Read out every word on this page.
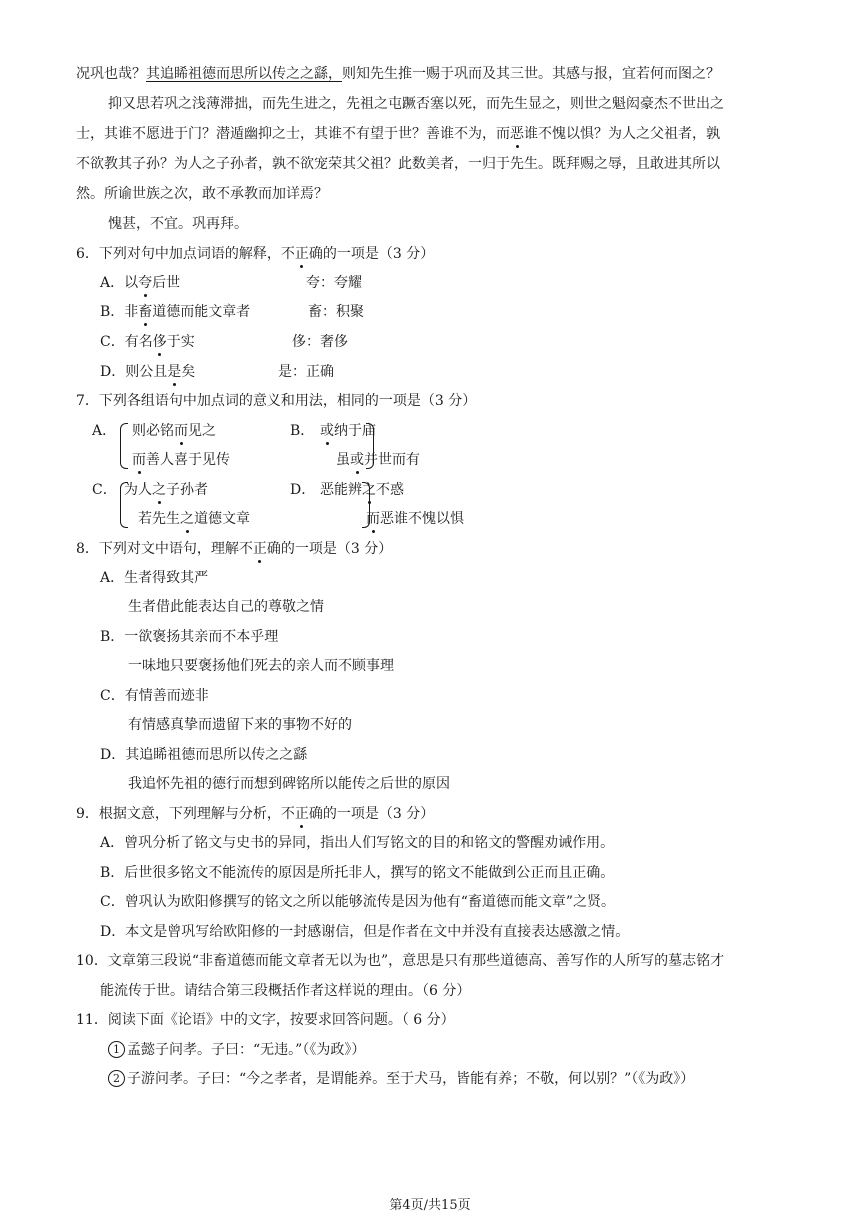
况巩也哉？其追睎祖德而思所以传之之繇，则知先生推一赐于巩而及其三世。其感与报，宜若何而图之？
抑又思若巩之浅薄滞拙，而先生进之，先祖之屯蹶否塞以死，而先生显之，则世之魁闳豪杰不世出之
士，其谁不愿进于门？潜遁幽抑之士，其谁不有望于世？善谁不为，而恶谁不愧以惧？为人之父祖者，孰
不欲教其子孙？为人之子孙者，孰不欲宠荣其父祖？此数美者，一归于先生。既拜赐之辱，且敢进其所以
然。所谕世族之次，敢不承教而加详焉？
愧甚，不宜。巩再拜。
6．下列对句中加点词语的解释，不正确的一项是（3 分）
A．以夸后世	夸：夸耀
B．非畜道德而能文章者	畜：积聚
C．有名侈于实	侈：奢侈
D．则公且是矣	是：正确
7．下列各组语句中加点词的意义和用法，相同的一项是（3 分）
A． 则必铭而见之
而善人喜于见传
B． 或纳于庙
虽或并世而有
C． 为人之子孙者
若先生之道德文章
D． 恶能辨之不惑
而恶谁不愧以惧
8．下列对文中语句，理解不正确的一项是（3 分）
A．生者得致其严
生者借此能表达自己的尊敬之情
B．一欲褒扬其亲而不本乎理
一味地只要褒扬他们死去的亲人而不顾事理
C．有情善而迹非
有情感真挚而遗留下来的事物不好的
D．其追睎祖德而思所以传之之繇
我追怀先祖的德行而想到碑铭所以能传之后世的原因
9．根据文意，下列理解与分析，不正确的一项是（3 分）
A．曾巩分析了铭文与史书的异同，指出人们写铭文的目的和铭文的警醒劝诫作用。
B．后世很多铭文不能流传的原因是所托非人，撰写的铭文不能做到公正而且正确。
C．曾巩认为欧阳修撰写的铭文之所以能够流传是因为他有“畜道德而能文章”之贤。
D．本文是曾巩写给欧阳修的一封感谢信，但是作者在文中并没有直接表达感激之情。
10．文章第三段说“非畜道德而能文章者无以为也”，意思是只有那些道德高、善写作的人所写的墓志铭才
能流传于世。请结合第三段概括作者这样说的理由。（6 分）
11．阅读下面《论语》中的文字，按要求回答问题。（ 6 分）
1 孟懿子问孝。子曰：“无违。”（《为政》）
2 子游问孝。子曰：“今之孝者，是谓能养。至于犬马，皆能有养；不敬，何以别？”（《为政》）
第4页/共15页
